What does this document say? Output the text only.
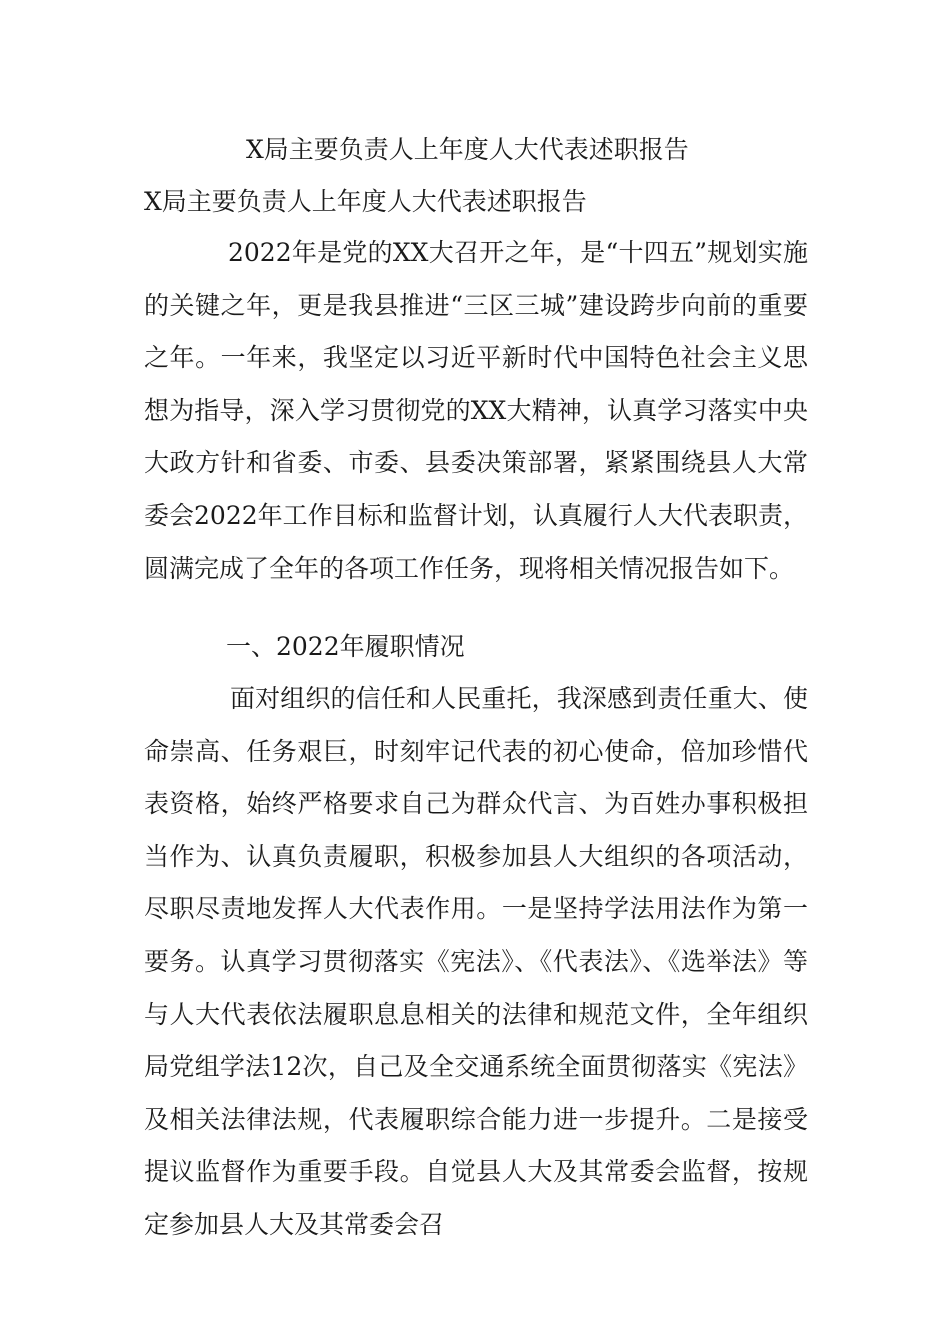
X局主要负责人上年度人大代表述职报告
X局主要负责人上年度人大代表述职报告

2022年是党的XX大召开之年，是“十四五”规划实施的关键之年，更是我县推进“三区三城”建设跨步向前的重要之年。一年来，我坚定以习近平新时代中国特色社会主义思想为指导，深入学习贯彻党的XX大精神，认真学习落实中央大政方针和省委、市委、县委决策部署，紧紧围绕县人大常委会2022年工作目标和监督计划，认真履行人大代表职责，圆满完成了全年的各项工作任务，现将相关情况报告如下。

一、2022年履职情况

面对组织的信任和人民重托，我深感到责任重大、使命崇高、任务艰巨，时刻牢记代表的初心使命，倍加珍惜代表资格，始终严格要求自己为群众代言、为百姓办事积极担当作为、认真负责履职，积极参加县人大组织的各项活动，尽职尽责地发挥人大代表作用。一是坚持学法用法作为第一要务。认真学习贯彻落实《宪法》、《代表法》、《选举法》等与人大代表依法履职息息相关的法律和规范文件，全年组织局党组学法12次，自己及全交通系统全面贯彻落实《宪法》及相关法律法规，代表履职综合能力进一步提升。二是接受提议监督作为重要手段。自觉县人大及其常委会监督，按规定参加县人大及其常委会召
